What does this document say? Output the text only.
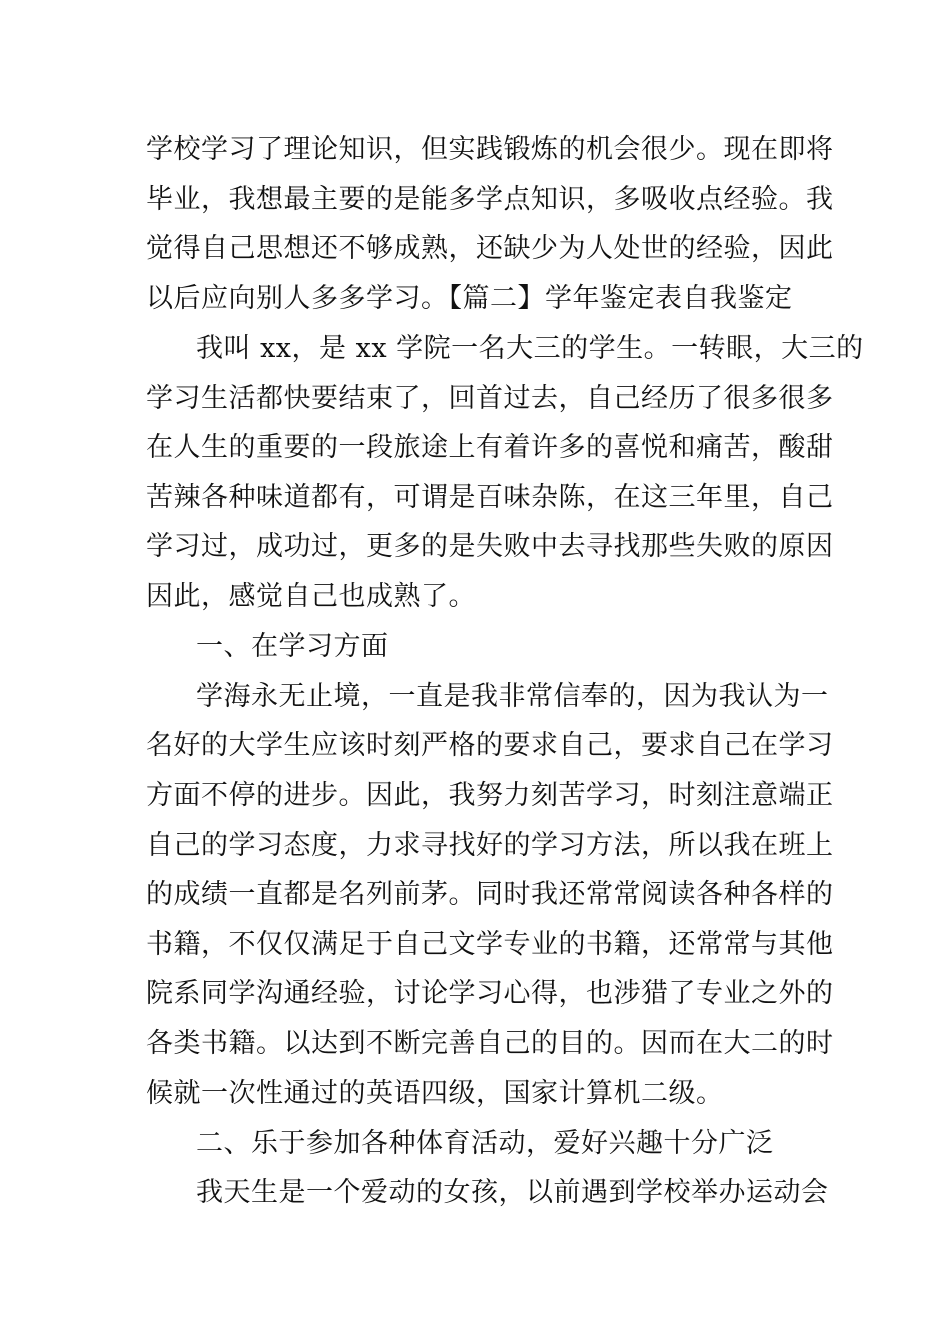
学校学习了理论知识，但实践锻炼的机会很少。现在即将
毕业，我想最主要的是能多学点知识，多吸收点经验。我
觉得自己思想还不够成熟，还缺少为人处世的经验，因此
以后应向别人多多学习。【篇二】学年鉴定表自我鉴定
我叫 xx，是 xx 学院一名大三的学生。一转眼，大三的
学习生活都快要结束了，回首过去，自己经历了很多很多
在人生的重要的一段旅途上有着许多的喜悦和痛苦，酸甜
苦辣各种味道都有，可谓是百味杂陈，在这三年里，自己
学习过，成功过，更多的是失败中去寻找那些失败的原因
因此，感觉自己也成熟了。
一、在学习方面
学海永无止境，一直是我非常信奉的，因为我认为一
名好的大学生应该时刻严格的要求自己，要求自己在学习
方面不停的进步。因此，我努力刻苦学习，时刻注意端正
自己的学习态度，力求寻找好的学习方法，所以我在班上
的成绩一直都是名列前茅。同时我还常常阅读各种各样的
书籍，不仅仅满足于自己文学专业的书籍，还常常与其他
院系同学沟通经验，讨论学习心得，也涉猎了专业之外的
各类书籍。以达到不断完善自己的目的。因而在大二的时
候就一次性通过的英语四级，国家计算机二级。
二、乐于参加各种体育活动，爱好兴趣十分广泛
我天生是一个爱动的女孩，以前遇到学校举办运动会
